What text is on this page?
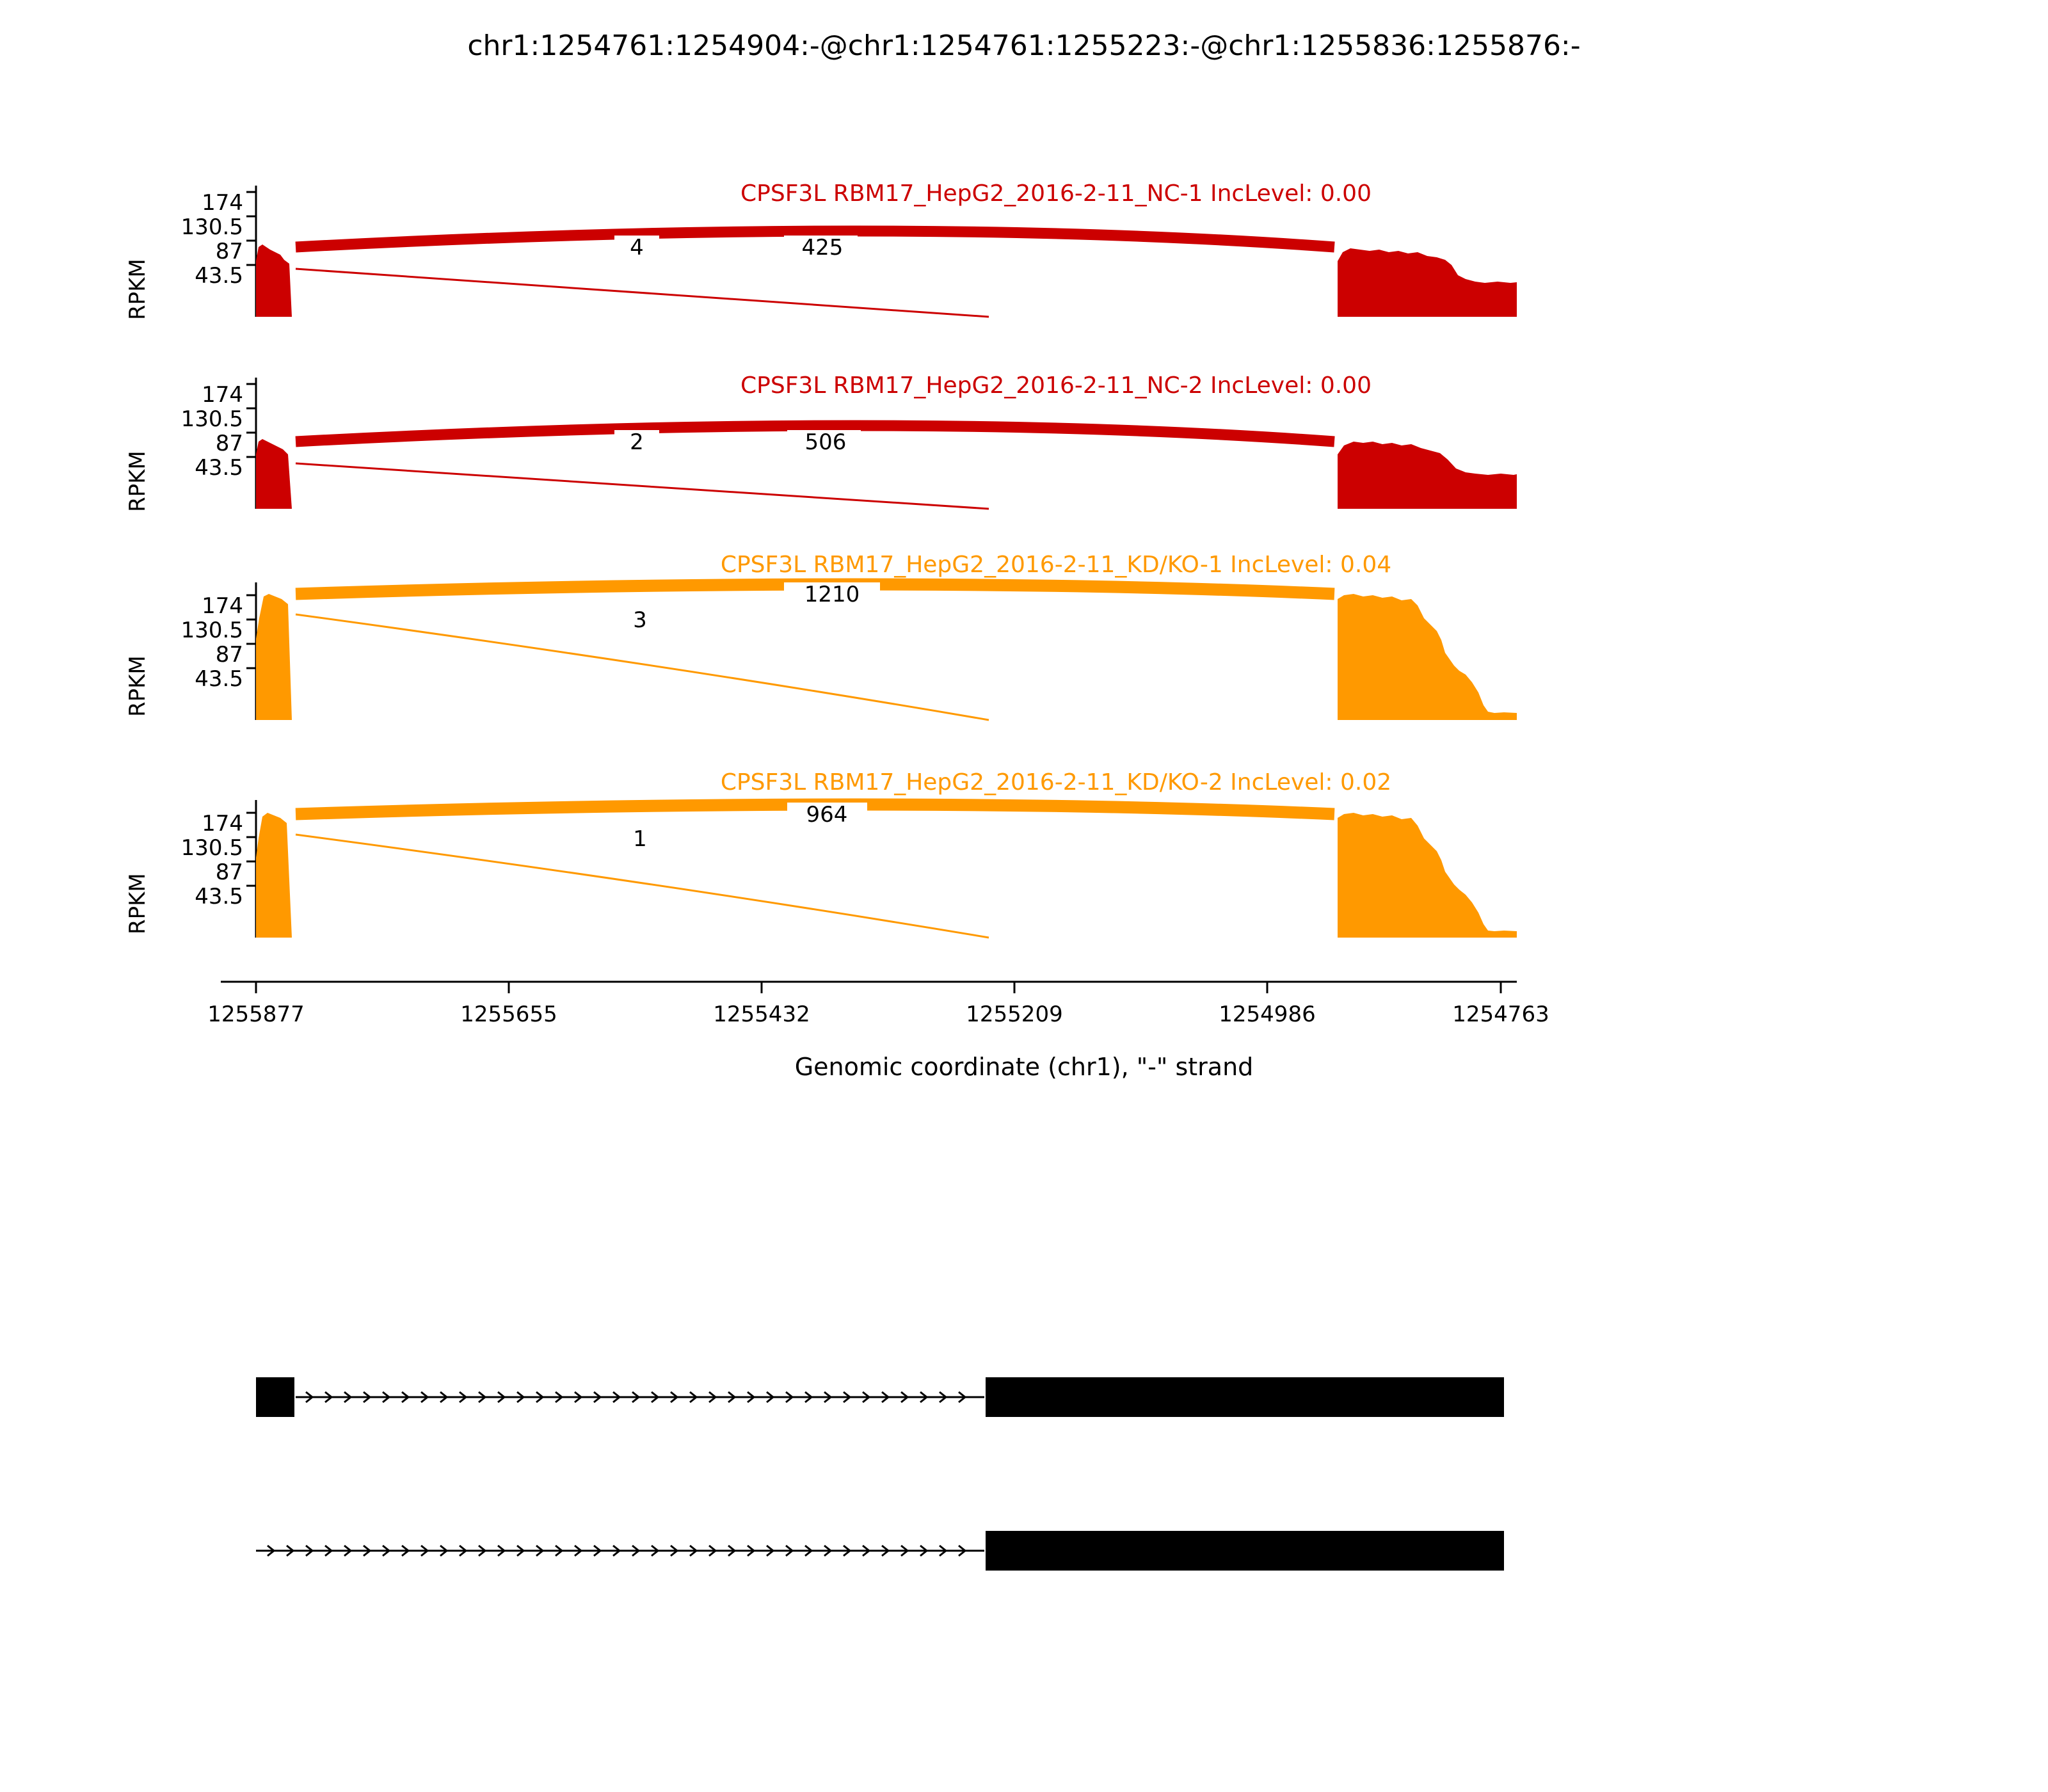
chr1:1254761:1254904:-@chr1:1254761:1255223:-@chr1:1255836:1255876:-
RPKM
174
130.5
87
43.5
CPSF3L RBM17_HepG2_2016-2-11_NC-1 IncLevel: 0.00
4	425
RPKM
174
130.5
87
43.5
CPSF3L RBM17_HepG2_2016-2-11_NC-2 IncLevel: 0.00
2	506
RPKM
174
130.5
87
43.5
CPSF3L RBM17_HepG2_2016-2-11_KD/KO-1 IncLevel: 0.04
3
1210
RPKM
174
130.5
87
43.5
CPSF3L RBM17_HepG2_2016-2-11_KD/KO-2 IncLevel: 0.02
1
964
1255877	1255655	1255432	1255209	1254986	1254763
Genomic coordinate (chr1), "-" strand
